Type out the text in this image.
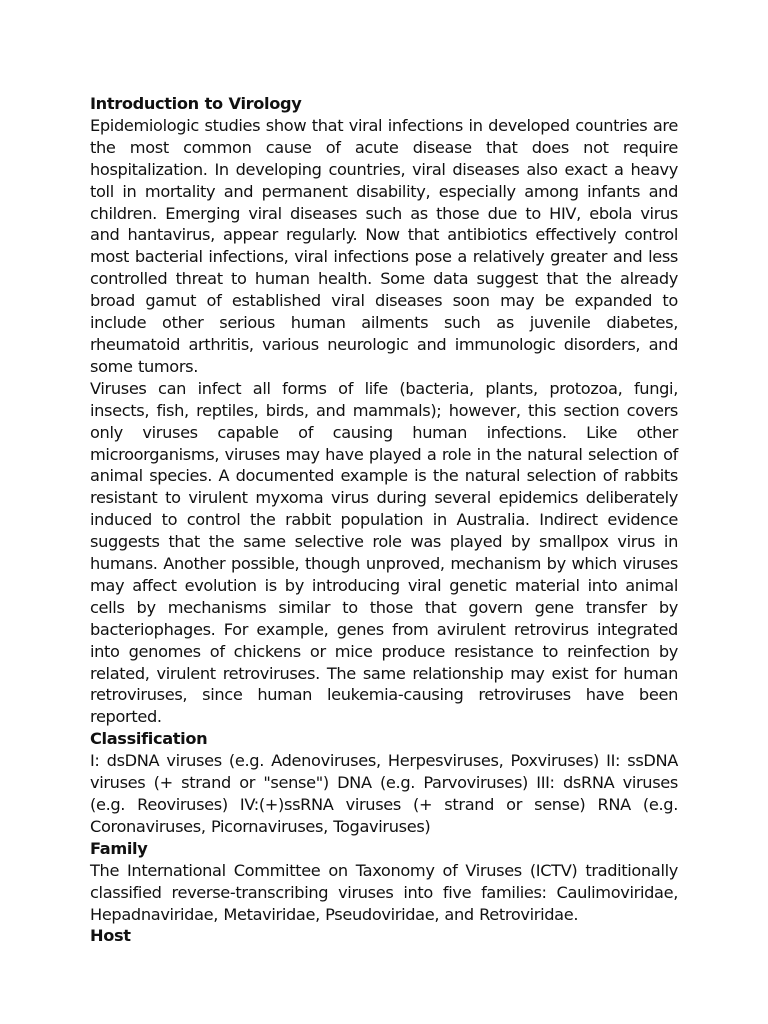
Introduction to Virology

Epidemiologic studies show that viral infections in developed countries are the most common cause of acute disease that does not require hospitalization. In developing countries, viral diseases also exact a heavy toll in mortality and permanent disability, especially among infants and children. Emerging viral diseases such as those due to HIV, ebola virus and hantavirus, appear regularly. Now that antibiotics effectively control most bacterial infections, viral infections pose a relatively greater and less controlled threat to human health. Some data suggest that the already broad gamut of established viral diseases soon may be expanded to include other serious human ailments such as juvenile diabetes, rheumatoid arthritis, various neurologic and immunologic disorders, and some tumors.

Viruses can infect all forms of life (bacteria, plants, protozoa, fungi, insects, fish, reptiles, birds, and mammals); however, this section covers only viruses capable of causing human infections. Like other microorganisms, viruses may have played a role in the natural selection of animal species. A documented example is the natural selection of rabbits resistant to virulent myxoma virus during several epidemics deliberately induced to control the rabbit population in Australia. Indirect evidence suggests that the same selective role was played by smallpox virus in humans. Another possible, though unproved, mechanism by which viruses may affect evolution is by introducing viral genetic material into animal cells by mechanisms similar to those that govern gene transfer by bacteriophages. For example, genes from avirulent retrovirus integrated into genomes of chickens or mice produce resistance to reinfection by related, virulent retroviruses. The same relationship may exist for human retroviruses, since human leukemia-causing retroviruses have been reported.

Classification

I: dsDNA viruses (e.g. Adenoviruses, Herpesviruses, Poxviruses) II: ssDNA viruses (+ strand or "sense") DNA (e.g. Parvoviruses) III: dsRNA viruses (e.g. Reoviruses) IV:(+)ssRNA viruses (+ strand or sense) RNA (e.g. Coronaviruses, Picornaviruses, Togaviruses)

Family

The International Committee on Taxonomy of Viruses (ICTV) traditionally classified reverse-transcribing viruses into five families: Caulimoviridae, Hepadnaviridae, Metaviridae, Pseudoviridae, and Retroviridae.

Host
